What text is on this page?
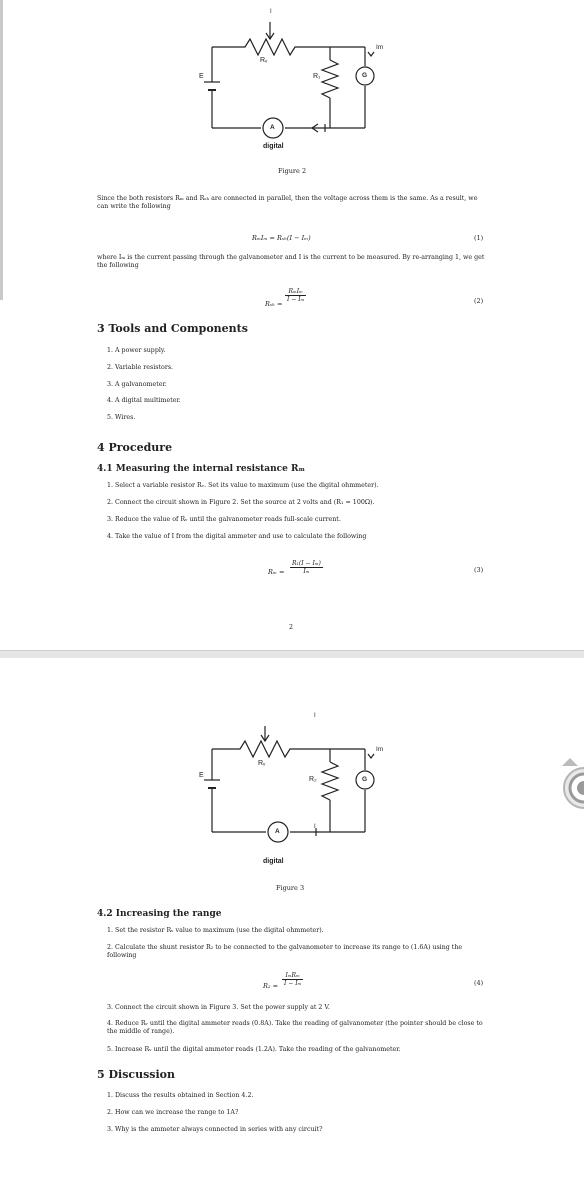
I
Rᵥ
E	R₁
Im
G
A
digital
Figure 2
Since the both resistors Rₘ and Rₛₕ are connected in parallel, then the voltage across them is the same. As a result, we can write the following
RₘIₘ = Rₛₕ(I − Iₘ)	(1)
where Iₘ is the current passing through the galvanometer and I is the current to be measured. By re-arranging 1, we get the following
Rₛₕ =
RₘIₘ
I − Iₘ	(2)
3 Tools and Components
1. A power supply.
2. Variable resistors.
3. A galvanometer.
4. A digital multimeter.
5. Wires.
4 Procedure
4.1 Measuring the internal resistance Rₘ
1. Select a variable resistor Rᵥ. Set its value to maximum (use the digital ohmmeter).
2. Connect the circuit shown in Figure 2. Set the source at 2 volts and (R₁ = 100Ω).
3. Reduce the value of Rᵥ until the galvanometer reads full-scale current.
4. Take the value of I from the digital ammeter and use to calculate the following
$R_m = \frac{\text{R₁(I − Iₘ)}}{\text{Iₘ}}$	(3)
2
I
Rᵥ
E
R₂
Im
G
A
digital
I
Figure 3
4.2 Increasing the range
1. Set the resistor Rᵥ value to maximum (use the digital ohmmeter).
2. Calculate the shunt resistor R₂ to be connected to the galvanometer to increase its range to (1.6A) using the following
R₂ =
IₘRₘ
I − Iₘ	(4)
3. Connect the circuit shown in Figure 3. Set the power supply at 2 V.
4. Reduce Rᵥ until the digital ammeter reads (0.8A). Take the reading of galvanometer (the pointer should be close to the middle of range).
5. Increase Rᵥ until the digital ammeter reads (1.2A). Take the reading of the galvanometer.
5 Discussion
1. Discuss the results obtained in Section 4.2.
2. How can we increase the range to 1A?
3. Why is the ammeter always connected in series with any circuit?
